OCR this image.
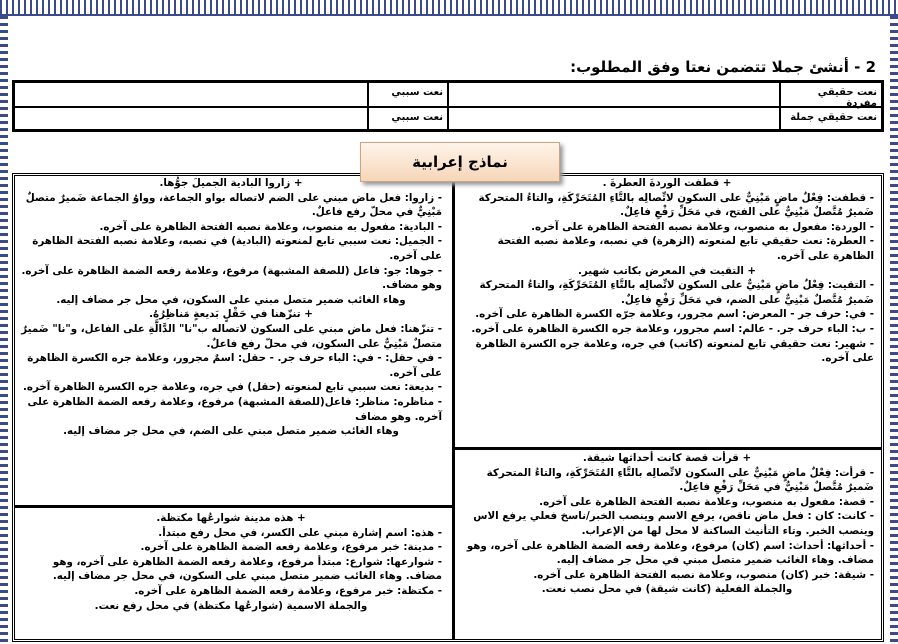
2 - أنشئ جملا تتضمن نعتا وفق المطلوب:
نعت حقيقي مفردة
نعت سببي
نعت حقيقي جملة
نعت سببي

+ قطفت الوردةَ العطرةَ .

- قطفت: فِعْلٌ ماضٍ مَبْنِيٌّ على السكون لاتِّصالِه بالتَّاءِ المُتَحَرِّكَةِ، والتاءُ المتحركة ضَميرٌ مُتَّصلٌ مَبْنِيٌّ على الفتح، في مَحَلِّ رَفْعِ فاعِلٌ.

- الوردة: مفعول به منصوب، وعلامة نصبه الفتحة الظاهرة على آخره.

- العطرة: نعت حقيقي تابع لمنعوته (الزهرة) في نصبه، وعلامة نصبه الفتحة الظاهرة على آخره.

+ التقيت في المعرض بكاتب شهير.

- التقيت: فِعْلٌ ماضٍ مَبْنِيٌّ على السكون لاتِّصالِه بالتَّاءِ المُتَحَرِّكَةِ، والتاءُ المتحركة ضَميرٌ مُتَّصلٌ مَبْنِيٌّ على الضم، في مَحَلِّ رَفْعِ فاعِلٌ.

- في: حرف جر - المعرض: اسم مجرور، وعلامة جرّه الكسرة الظاهرة على آخره.

- ب: الباء حرف جر. - عالم: اسم مجرور، وعلامة جره الكسرة الظاهرة على آخره.

- شهير: نعت حقيقي تابع لمنعوته (كاتب) في جره، وعلامة جره الكسرة الظاهرة على آخره.

+ قرأت قصة كانت أحداثها شيقة.

- قرأت: فِعْلٌ ماضٍ مَبْنِيٌّ على السكون لاتِّصالِه بالتَّاءِ المُتَحَرِّكَةِ، والتاءُ المتحركة ضَميرٌ مُتَّصلٌ مَبْنِيٌّ في مَحَلِّ رَفْعِ فاعِلٌ.

- قصة: مفعول به منصوب، وعلامة نصبه الفتحة الظاهرة على آخره.

- كانت: كان : فعل ماض ناقص، يرفع الاسم وينصب الخبر/ناسخ فعلي يرفع الاس وينصب الخبر. وتاء التأنيث الساكنة لا محل لها من الإعراب.

- أحداثها: أحداث: اسم (كان) مرفوع، وعلامة رفعه الضمة الظاهرة على آخره، وهو مضاف. وهاء الغائب ضمير متصل مبني في محل جر مضاف إليه.

- شيقة: خبر (كان) منصوب، وعلامة نصبه الفتحة الظاهرة على آخره.

والجملة الفعلية (كانت شيقة) في محل نصب نعت.

+ زاروا البادية الجميلَ جوُّها.

- زاروا: فعل ماض مبني على الضم لاتصاله بواو الجماعة، وواوُ الجماعة ضَميرٌ متصلٌ مَبْنِيٌّ في محلّ رفع فاعلٌ.

- البادية: مفعول به منصوب، وعلامة نصبه الفتحة الظاهرة على آخره.

- الجميل: نعت سببي تابع لمنعوته (البادية) في نصبه، وعلامة نصبه الفتحة الظاهرة على آخره.

- جوها: جو: فاعل (للصفة المشبهة) مرفوع، وعلامة رفعه الضمة الظاهرة على آخره. وهو مضاف.

وهاء الغائب ضمير متصل مبني على السكون، في محل جر مضاف إليه.

+ تنزّهنا في حَقْلٍ بَديعةٍ مَناظِرُهُ.

- تنزّهنا: فعل ماض مبني على السكون لاتصاله ب"نا" الدَّالَّةِ على الفاعل، و"نا" ضَميرٌ متصلٌ مَبْنِيٌّ على السكون، في محلّ رفع فاعلٌ.

- في حقل: - في: الباء حرف جر. - حقل: اسمٌ مجرور، وعلامة جره الكسرة الظاهرة على آخره.

- بديعة: نعت سببي تابع لمنعوته (حقل) في جره، وعلامة جره الكسرة الظاهرة آخره.

- مناظره: مناظر: فاعل(للصفة المشبهة) مرفوع، وعلامة رفعه الضمة الظاهرة على آخره. وهو مضاف

وهاء الغائب ضمير متصل مبني على الضم، في محل جر مضاف إليه.

+ هذه مدينة شوارعُها مكتظة.

- هذه: اسم إشارة مبني على الكسر، في محل رفع مبتدأ.

- مدينة: خبر مرفوع، وعلامة رفعه الضمة الظاهرة على آخره.

- شوارعها: شوارع: مبتدأ مرفوع، وعلامة رفعه الضمة الظاهرة على آخره، وهو مضاف. وهاء الغائب ضمير متصل مبني على السكون، في محل جر مضاف إليه.

- مكتظة: خبر مرفوع، وعلامة رفعه الضمة الظاهرة على آخره.

والجملة الاسمية (شوارعُها مكتظة) في محل رفع نعت.

نماذج إعرابية
